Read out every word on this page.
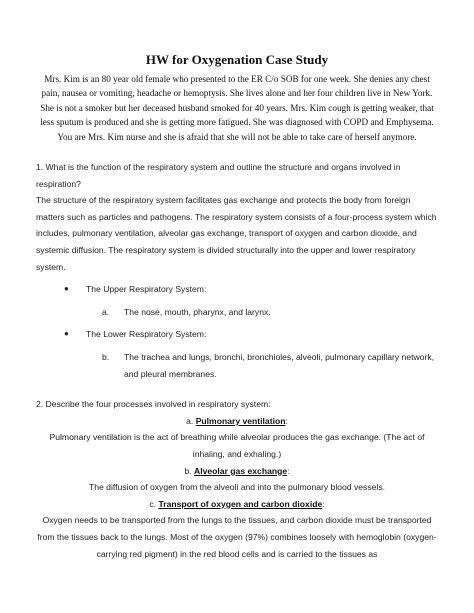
HW for Oxygenation Case Study
Mrs. Kim is an 80 year old female who presented to the ER C/o SOB for one week. She denies any chest pain, nausea or vomiting, headache or hemoptysis. She lives alone and her four children live in New York. She is not a smoker but her deceased husband smoked for 40 years. Mrs. Kim cough is getting weaker, that less sputum is produced and she is getting more fatigued. She was diagnosed with COPD and Emphysema. You are Mrs. Kim nurse and she is afraid that she will not be able to take care of herself anymore.

1. What is the function of the respiratory system and outline the structure and organs involved in respiration?

The structure of the respiratory system facilitates gas exchange and protects the body from foreign matters such as particles and pathogens. The respiratory system consists of a four-process system which includes, pulmonary ventilation, alveolar gas exchange, transport of oxygen and carbon dioxide, and systemic diffusion. The respiratory system is divided structurally into the upper and lower respiratory system.

●	The Upper Respiratory System:
a.	The nose, mouth, pharynx, and larynx.
●	The Lower Respiratory System:
b.	The trachea and lungs, bronchi, bronchioles, alveoli, pulmonary capillary network, and pleural membranes.

2. Describe the four processes involved in respiratory system:

a. Pulmonary ventilation:
Pulmonary ventilation is the act of breathing while alveolar produces the gas exchange. (The act of inhaling, and exhaling.)
b. Alveolar gas exchange:
The diffusion of oxygen from the alveoli and into the pulmonary blood vessels.
c. Transport of oxygen and carbon dioxide:
Oxygen needs to be transported from the lungs to the tissues, and carbon dioxide must be transported from the tissues back to the lungs. Most of the oxygen (97%) combines loosely with hemoglobin (oxygen-carrying red pigment) in the red blood cells and is carried to the tissues as
